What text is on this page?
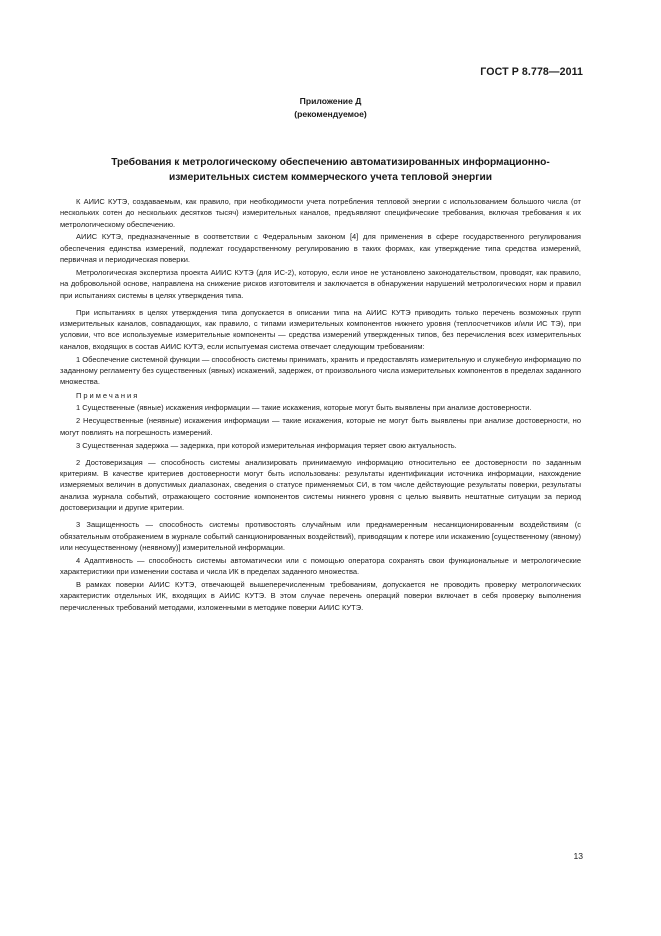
ГОСТ Р 8.778—2011
Приложение Д
(рекомендуемое)
Требования к метрологическому обеспечению автоматизированных информационно-
измерительных систем коммерческого учета тепловой энергии

К АИИС КУТЭ, создаваемым, как правило, при необходимости учета потребления тепловой энергии с использованием большого числа (от нескольких сотен до нескольких десятков тысяч) измерительных каналов, предъявляют специфические требования, включая требования к их метрологическому обеспечению.

АИИС КУТЭ, предназначенные в соответствии с Федеральным законом [4] для применения в сфере государственного регулирования обеспечения единства измерений, подлежат государственному регулированию в таких формах, как утверждение типа средства измерений, первичная и периодическая поверки.

Метрологическая экспертиза проекта АИИС КУТЭ (для ИС-2), которую, если иное не установлено законодательством, проводят, как правило, на добровольной основе, направлена на снижение рисков изготовителя и заключается в обнаружении нарушений метрологических норм и правил при испытаниях системы в целях утверждения типа.

При испытаниях в целях утверждения типа допускается в описании типа на АИИС КУТЭ приводить только перечень возможных групп измерительных каналов, совпадающих, как правило, с типами измерительных компонентов нижнего уровня (теплосчетчиков и/или ИС ТЭ), при условии, что все используемые измерительные компоненты — средства измерений утвержденных типов, без перечисления всех измерительных каналов, входящих в состав АИИС КУТЭ, если испытуемая система отвечает следующим требованиям:

1 Обеспечение системной функции — способность системы принимать, хранить и предоставлять измерительную и служебную информацию по заданному регламенту без существенных (явных) искажений, задержек, от произвольного числа измерительных компонентов в пределах заданного множества.

Примечания

1 Существенные (явные) искажения информации — такие искажения, которые могут быть выявлены при анализе достоверности.

2 Несущественные (неявные) искажения информации — такие искажения, которые не могут быть выявлены при анализе достоверности, но могут повлиять на погрешность измерений.

3 Существенная задержка — задержка, при которой измерительная информация теряет свою актуальность.

2 Достоверизация — способность системы анализировать принимаемую информацию относительно ее достоверности по заданным критериям. В качестве критериев достоверности могут быть использованы: результаты идентификации источника информации, нахождение измеряемых величин в допустимых диапазонах, сведения о статусе применяемых СИ, в том числе действующие результаты поверки, результаты анализа журнала событий, отражающего состояние компонентов системы нижнего уровня с целью выявить нештатные ситуации за период достоверизации и другие критерии.

3 Защищенность — способность системы противостоять случайным или преднамеренным несанкционированным воздействиям (с обязательным отображением в журнале событий санкционированных воздействий), приводящим к потере или искажению [существенному (явному) или несущественному (неявному)] измерительной информации.

4 Адаптивность — способность системы автоматически или с помощью оператора сохранять свои функциональные и метрологические характеристики при изменении состава и числа ИК в пределах заданного множества.

В рамках поверки АИИС КУТЭ, отвечающей вышеперечисленным требованиям, допускается не проводить проверку метрологических характеристик отдельных ИК, входящих в АИИС КУТЭ. В этом случае перечень операций поверки включает в себя проверку выполнения перечисленных требований методами, изложенными в методике поверки АИИС КУТЭ.

13
